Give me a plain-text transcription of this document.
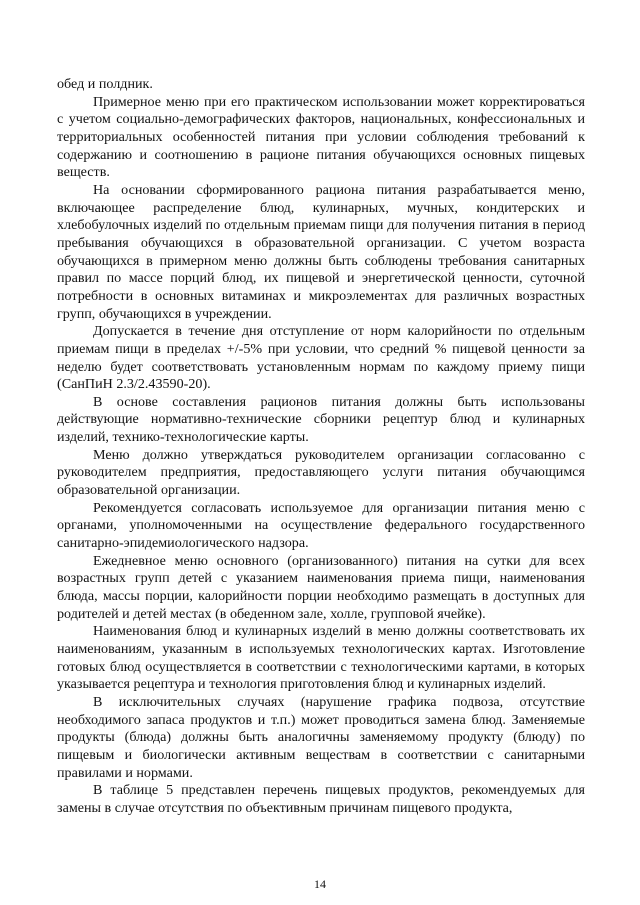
обед и полдник.

Примерное меню при его практическом использовании может корректироваться с учетом социально-демографических факторов, национальных, конфессиональных и территориальных особенностей питания при условии соблюдения требований к содержанию и соотношению в рационе питания обучающихся основных пищевых веществ.

На основании сформированного рациона питания разрабатывается меню, включающее распределение блюд, кулинарных, мучных, кондитерских и хлебобулочных изделий по отдельным приемам пищи для получения питания в период пребывания обучающихся в образовательной организации. С учетом возраста обучающихся в примерном меню должны быть соблюдены требования санитарных правил по массе порций блюд, их пищевой и энергетической ценности, суточной потребности в основных витаминах и микроэлементах для различных возрастных групп, обучающихся в учреждении.

Допускается в течение дня отступление от норм калорийности по отдельным приемам пищи в пределах +/-5% при условии, что средний % пищевой ценности за неделю будет соответствовать установленным нормам по каждому приему пищи (СанПиН 2.3/2.43590-20).

В основе составления рационов питания должны быть использованы действующие нормативно-технические сборники рецептур блюд и кулинарных изделий, технико-технологические карты.

Меню должно утверждаться руководителем организации согласованно с руководителем предприятия, предоставляющего услуги питания обучающимся образовательной организации.

Рекомендуется согласовать используемое для организации питания меню с органами, уполномоченными на осуществление федерального государственного санитарно-эпидемиологического надзора.

Ежедневное меню основного (организованного) питания на сутки для всех возрастных групп детей с указанием наименования приема пищи, наименования блюда, массы порции, калорийности порции необходимо размещать в доступных для родителей и детей местах (в обеденном зале, холле, групповой ячейке).

Наименования блюд и кулинарных изделий в меню должны соответствовать их наименованиям, указанным в используемых технологических картах. Изготовление готовых блюд осуществляется в соответствии с технологическими картами, в которых указывается рецептура и технология приготовления блюд и кулинарных изделий.

В исключительных случаях (нарушение графика подвоза, отсутствие необходимого запаса продуктов и т.п.) может проводиться замена блюд. Заменяемые продукты (блюда) должны быть аналогичны заменяемому продукту (блюду) по пищевым и биологически активным веществам в соответствии с санитарными правилами и нормами.

В таблице 5 представлен перечень пищевых продуктов, рекомендуемых для замены в случае отсутствия по объективным причинам пищевого продукта,

14
